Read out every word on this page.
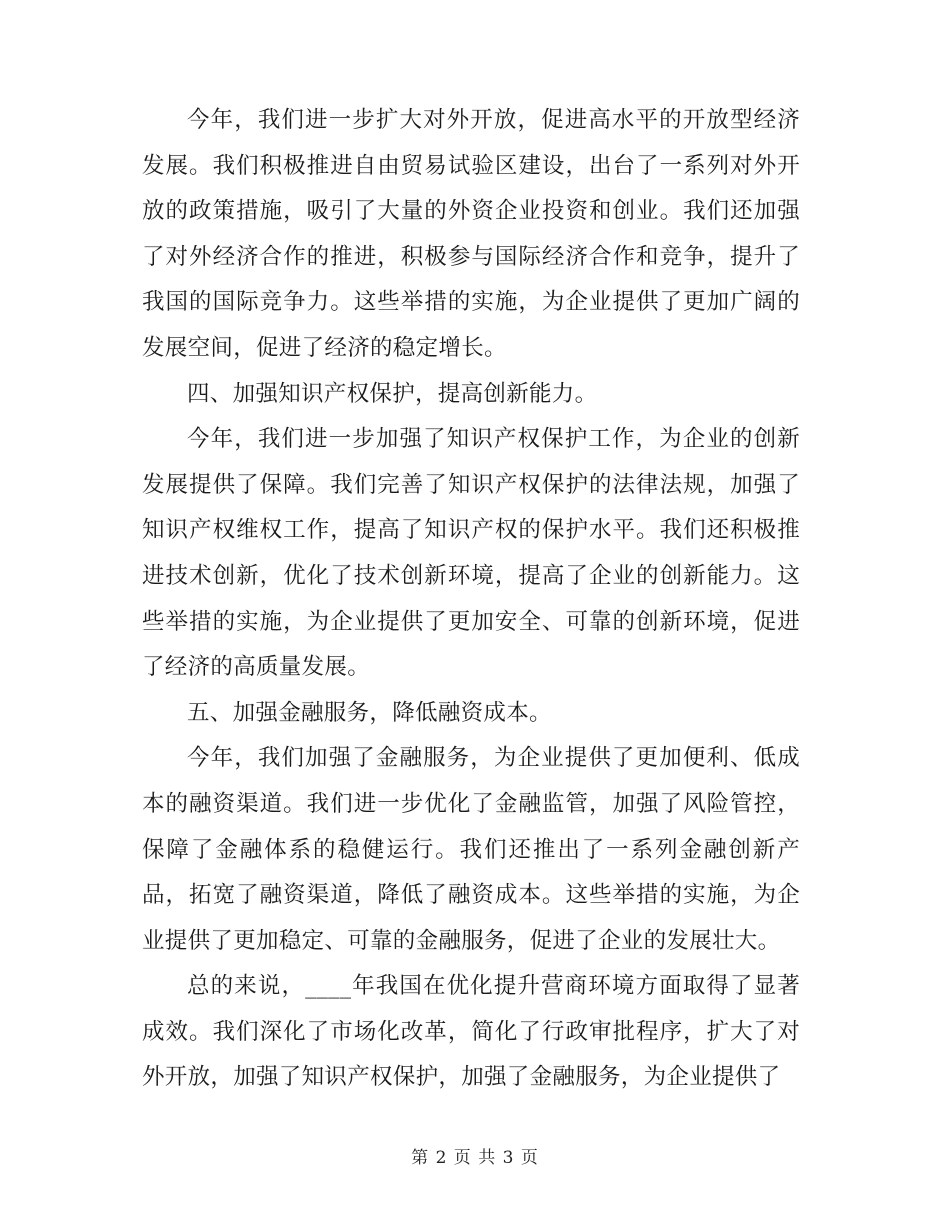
今年，我们进一步扩大对外开放，促进高水平的开放型经济发展。我们积极推进自由贸易试验区建设，出台了一系列对外开放的政策措施，吸引了大量的外资企业投资和创业。我们还加强了对外经济合作的推进，积极参与国际经济合作和竞争，提升了我国的国际竞争力。这些举措的实施，为企业提供了更加广阔的发展空间，促进了经济的稳定增长。

四、加强知识产权保护，提高创新能力。

今年，我们进一步加强了知识产权保护工作，为企业的创新发展提供了保障。我们完善了知识产权保护的法律法规，加强了知识产权维权工作，提高了知识产权的保护水平。我们还积极推进技术创新，优化了技术创新环境，提高了企业的创新能力。这些举措的实施，为企业提供了更加安全、可靠的创新环境，促进了经济的高质量发展。

五、加强金融服务，降低融资成本。

今年，我们加强了金融服务，为企业提供了更加便利、低成本的融资渠道。我们进一步优化了金融监管，加强了风险管控，保障了金融体系的稳健运行。我们还推出了一系列金融创新产品，拓宽了融资渠道，降低了融资成本。这些举措的实施，为企业提供了更加稳定、可靠的金融服务，促进了企业的发展壮大。

总的来说，____年我国在优化提升营商环境方面取得了显著成效。我们深化了市场化改革，简化了行政审批程序，扩大了对外开放，加强了知识产权保护，加强了金融服务，为企业提供了

第 2 页 共 3 页
